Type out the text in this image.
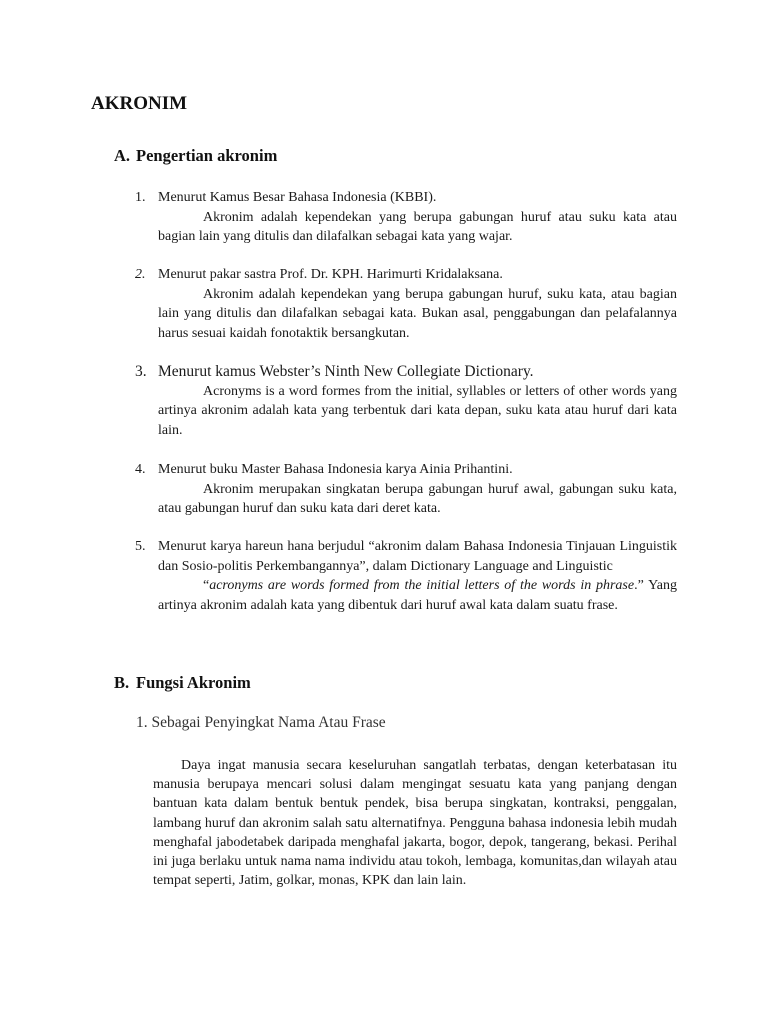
AKRONIM
A. Pengertian akronim
1. Menurut Kamus Besar Bahasa Indonesia (KBBI).
Akronim adalah kependekan yang berupa gabungan huruf atau suku kata atau bagian lain yang ditulis dan dilafalkan sebagai kata yang wajar.
2. Menurut pakar sastra Prof. Dr. KPH. Harimurti Kridalaksana.
Akronim adalah kependekan yang berupa gabungan huruf, suku kata, atau bagian lain yang ditulis dan dilafalkan sebagai kata. Bukan asal, penggabungan dan pelafalannya harus sesuai kaidah fonotaktik bersangkutan.
3. Menurut kamus Webster’s Ninth New Collegiate Dictionary.
Acronyms is a word formes from the initial, syllables or letters of other words yang artinya akronim adalah kata yang terbentuk dari kata depan, suku kata atau huruf dari kata lain.
4. Menurut buku Master Bahasa Indonesia karya Ainia Prihantini.
Akronim merupakan singkatan berupa gabungan huruf awal, gabungan suku kata, atau gabungan huruf dan suku kata dari deret kata.
5. Menurut karya hareun hana berjudul “akronim dalam Bahasa Indonesia Tinjauan Linguistik dan Sosio-politis Perkembangannya”, dalam Dictionary Language and Linguistic
“acronyms are words formed from the initial letters of the words in phrase.” Yang artinya akronim adalah kata yang dibentuk dari huruf awal kata dalam suatu frase.
B. Fungsi Akronim
1. Sebagai Penyingkat Nama Atau Frase
Daya ingat manusia secara keseluruhan sangatlah terbatas, dengan keterbatasan itu manusia berupaya mencari solusi dalam mengingat sesuatu kata yang panjang dengan bantuan kata dalam bentuk bentuk pendek, bisa berupa singkatan, kontraksi, penggalan, lambang huruf dan akronim salah satu alternatifnya. Pengguna bahasa indonesia lebih mudah menghafal jabodetabek daripada menghafal jakarta, bogor, depok, tangerang, bekasi. Perihal ini juga berlaku untuk nama nama individu atau tokoh, lembaga, komunitas,dan wilayah atau tempat seperti, Jatim, golkar, monas, KPK dan lain lain.
